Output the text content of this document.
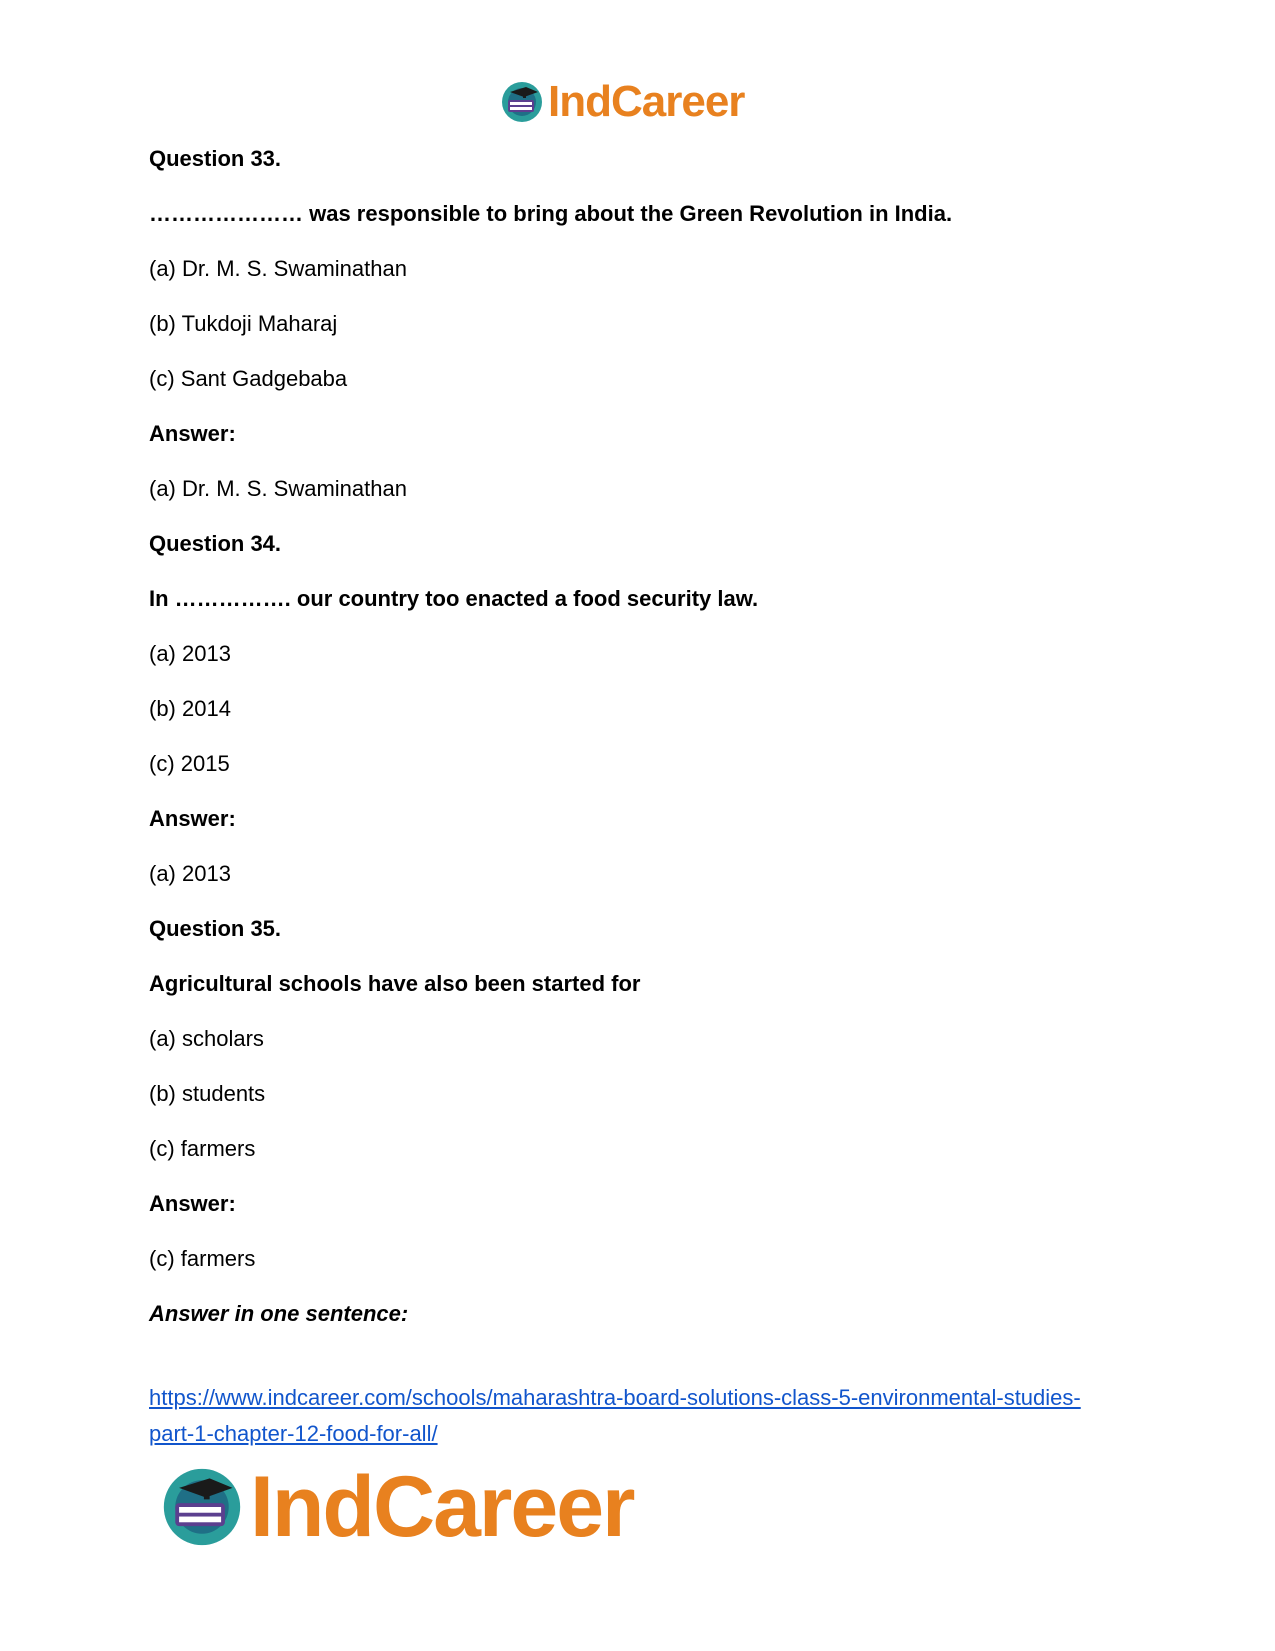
IndCareer
Question 33.
………………… was responsible to bring about the Green Revolution in India.
(a) Dr. M. S. Swaminathan
(b) Tukdoji Maharaj
(c) Sant Gadgebaba
Answer:
(a) Dr. M. S. Swaminathan
Question 34.
In ……………. our country too enacted a food security law.
(a) 2013
(b) 2014
(c) 2015
Answer:
(a) 2013
Question 35.
Agricultural schools have also been started for
(a) scholars
(b) students
(c) farmers
Answer:
(c) farmers
Answer in one sentence:
https://www.indcareer.com/schools/maharashtra-board-solutions-class-5-environmental-studies-
part-1-chapter-12-food-for-all/
IndCareer
